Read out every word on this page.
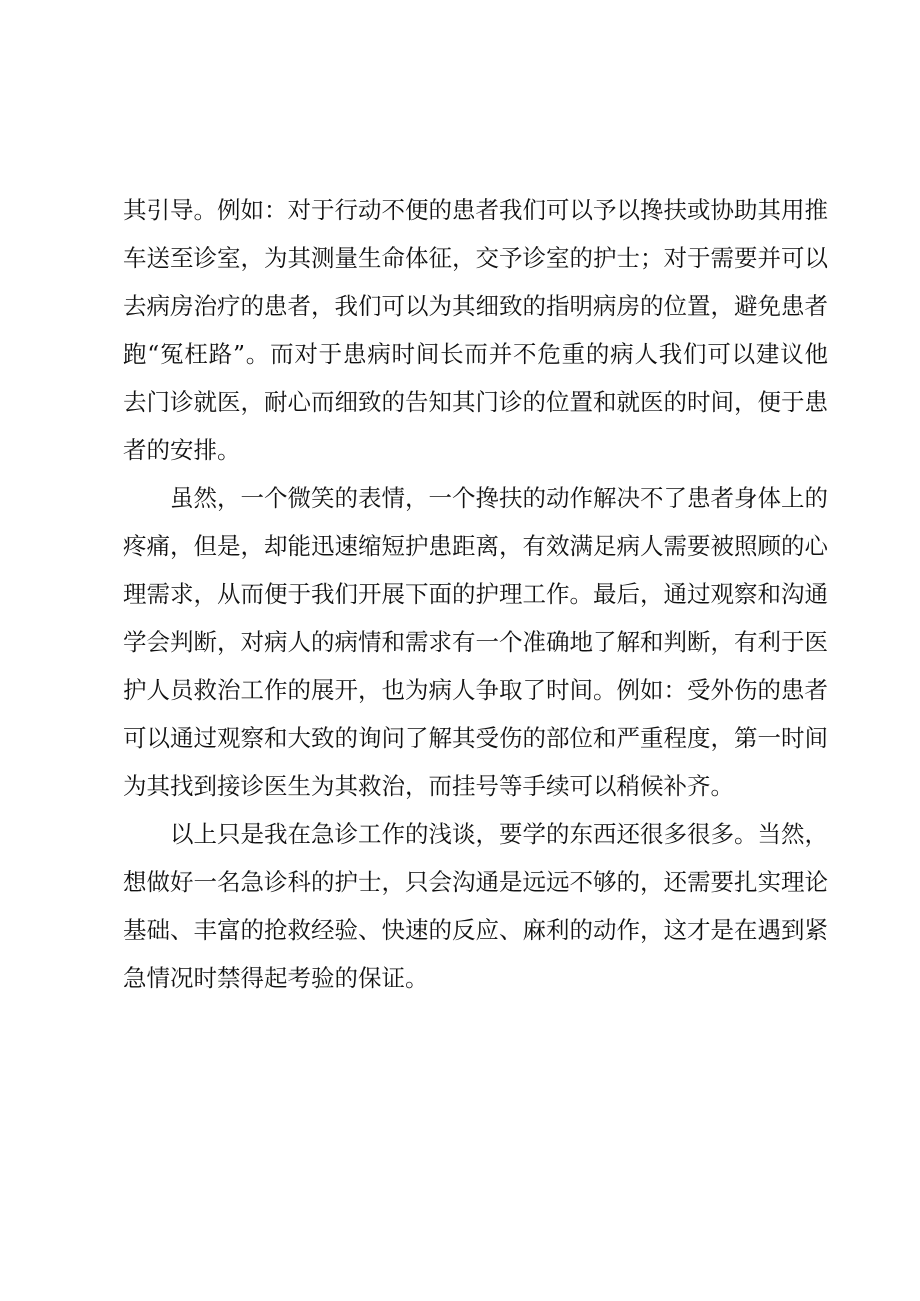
其引导。例如：对于行动不便的患者我们可以予以搀扶或协助其用推
车送至诊室，为其测量生命体征，交予诊室的护士；对于需要并可以
去病房治疗的患者，我们可以为其细致的指明病房的位置，避免患者
跑“冤枉路”。而对于患病时间长而并不危重的病人我们可以建议他
去门诊就医，耐心而细致的告知其门诊的位置和就医的时间，便于患
者的安排。

虽然，一个微笑的表情，一个搀扶的动作解决不了患者身体上的
疼痛，但是，却能迅速缩短护患距离，有效满足病人需要被照顾的心
理需求，从而便于我们开展下面的护理工作。最后，通过观察和沟通
学会判断，对病人的病情和需求有一个准确地了解和判断，有利于医
护人员救治工作的展开，也为病人争取了时间。例如：受外伤的患者
可以通过观察和大致的询问了解其受伤的部位和严重程度，第一时间
为其找到接诊医生为其救治，而挂号等手续可以稍候补齐。

以上只是我在急诊工作的浅谈，要学的东西还很多很多。当然，
想做好一名急诊科的护士，只会沟通是远远不够的，还需要扎实理论
基础、丰富的抢救经验、快速的反应、麻利的动作，这才是在遇到紧
急情况时禁得起考验的保证。
